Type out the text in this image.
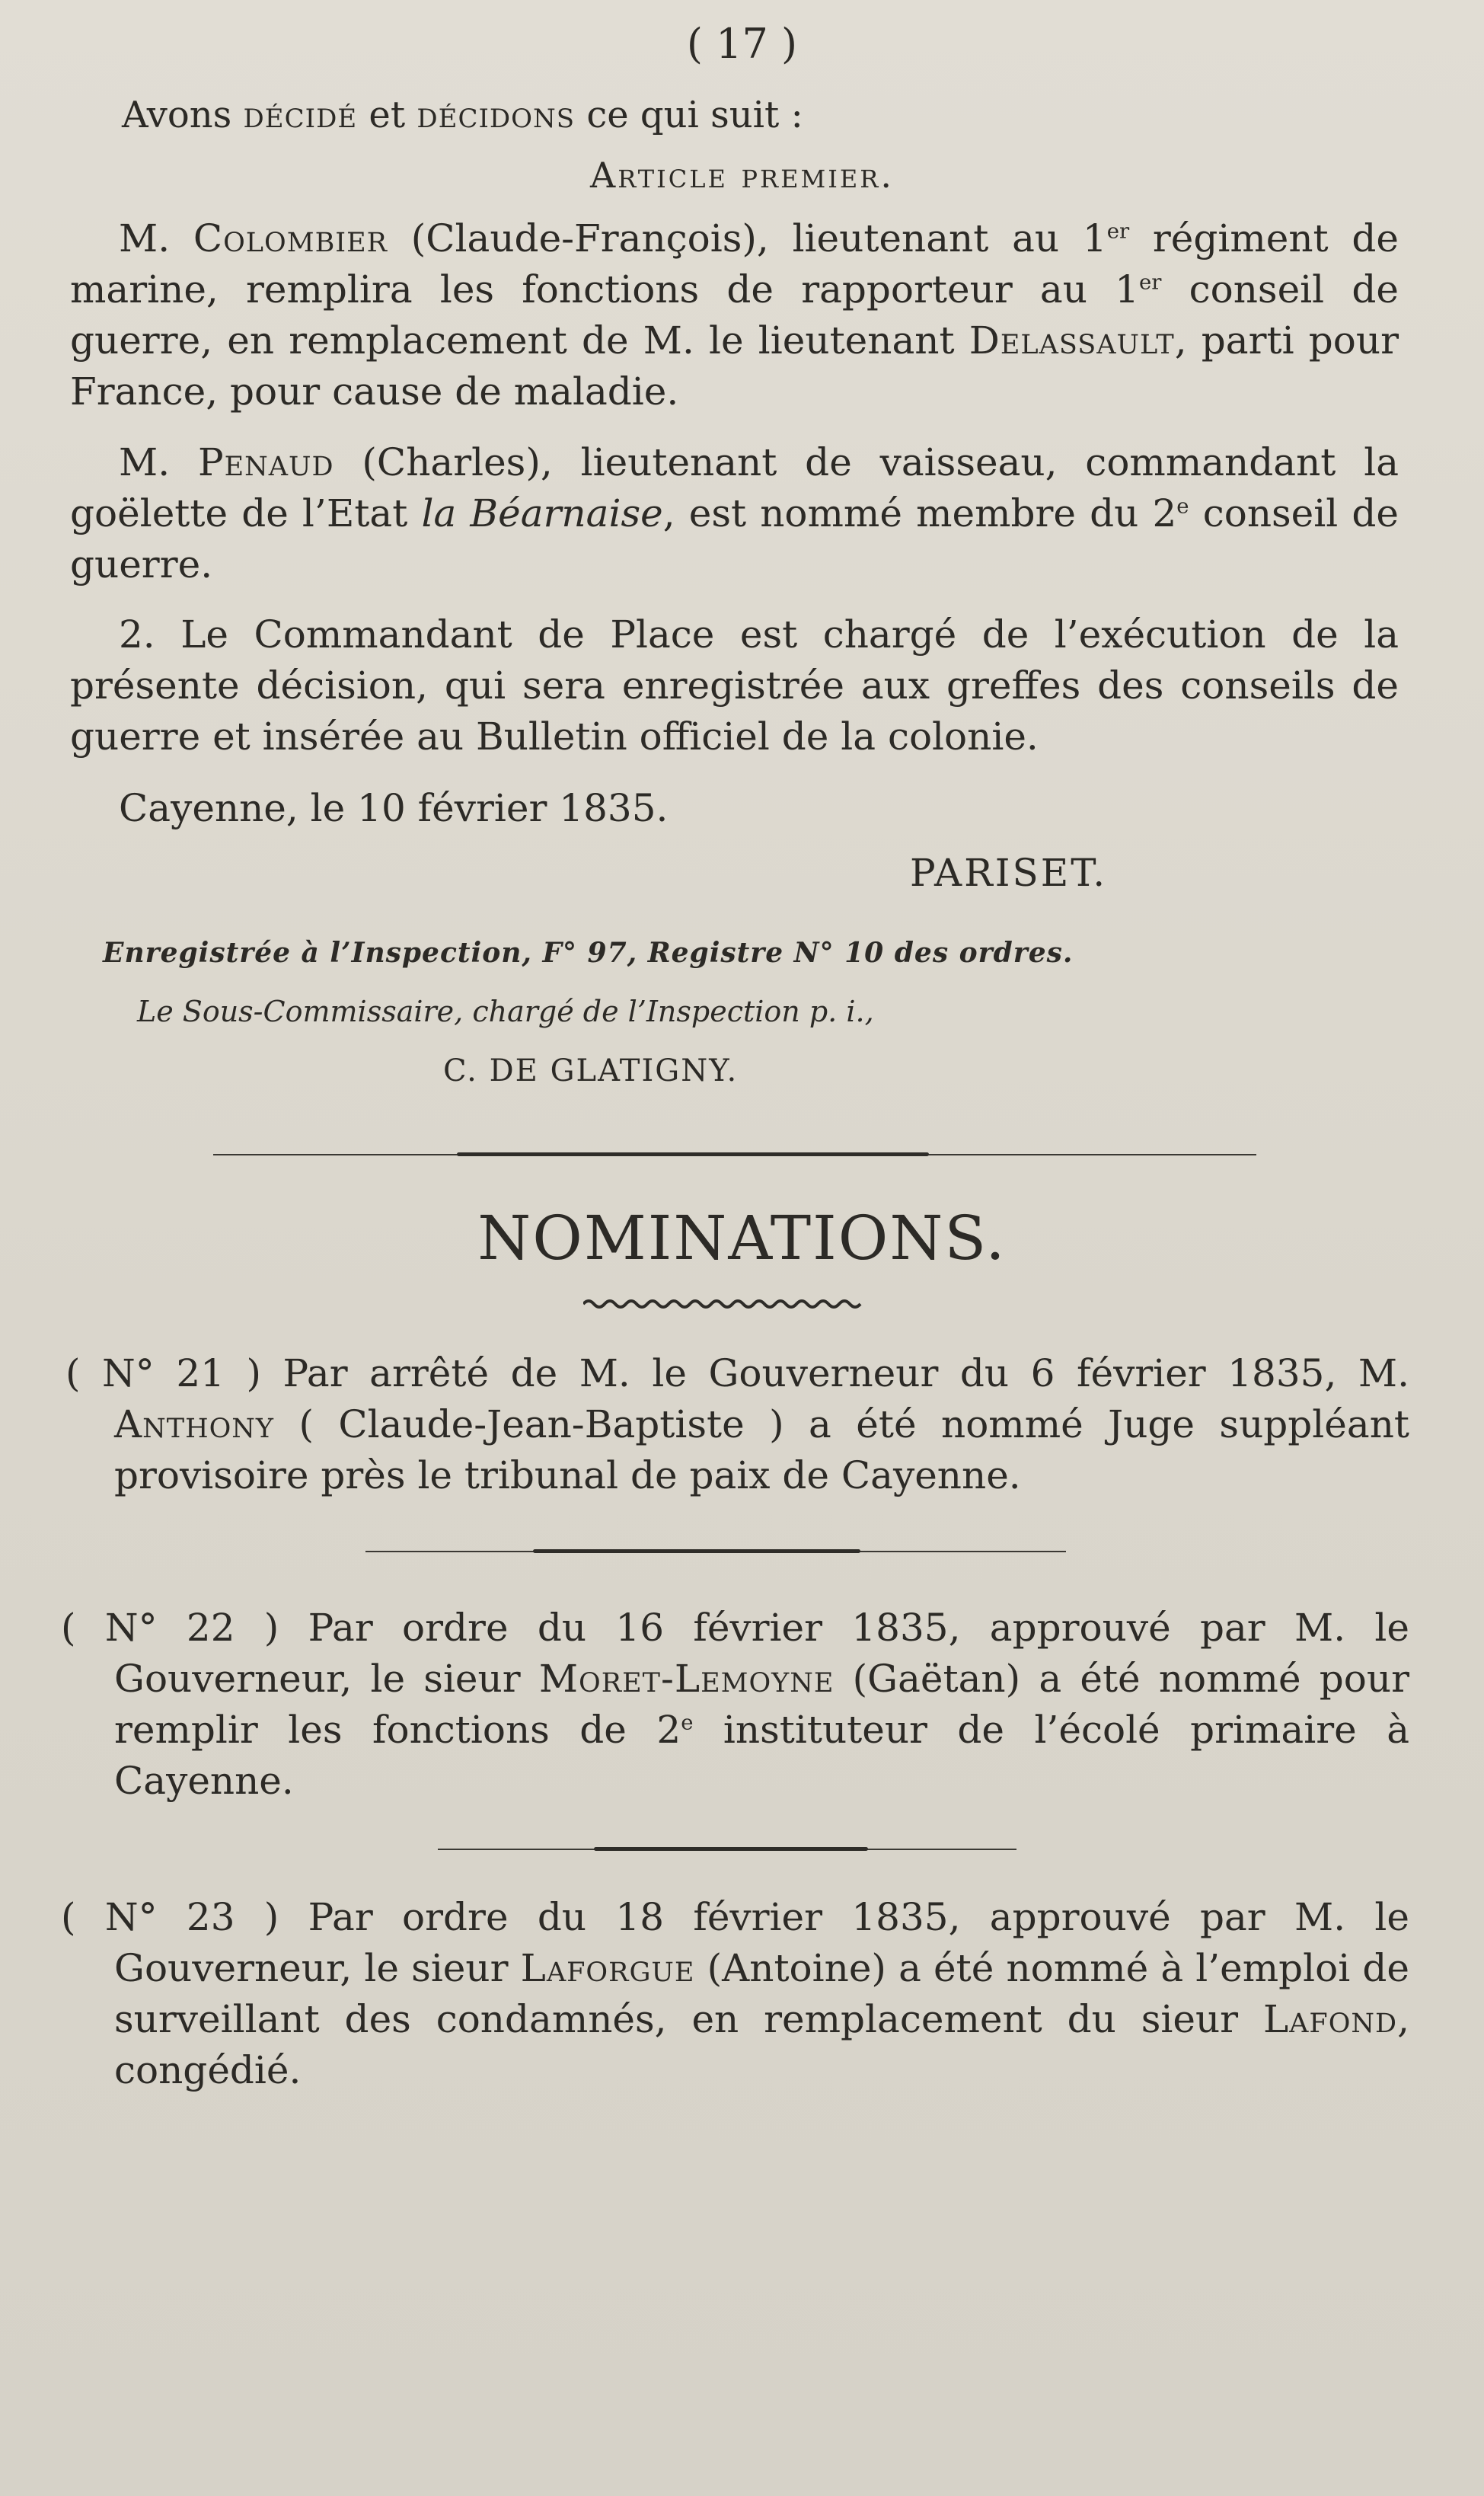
( 17 )

Avons décidé et décidons ce qui suit :

Article premier.

M. Colombier (Claude-François), lieutenant au 1er régiment de marine, remplira les fonctions de rapporteur au 1er conseil de guerre, en remplacement de M. le lieutenant Delassault, parti pour France, pour cause de maladie.

M. Penaud (Charles), lieutenant de vaisseau, commandant la goëlette de l’Etat la Béarnaise, est nommé membre du 2e conseil de guerre.

2. Le Commandant de Place est chargé de l’exécution de la présente décision, qui sera enregistrée aux greffes des conseils de guerre et insérée au Bulletin officiel de la colonie.

Cayenne, le 10 février 1835.
PARISET.
Enregistrée à l’Inspection, F° 97, Registre N° 10 des ordres.
Le Sous-Commissaire, chargé de l’Inspection p. i.,
C. DE GLATIGNY.
NOMINATIONS.

( N° 21 ) Par arrêté de M. le Gouverneur du 6 février 1835, M. Anthony ( Claude-Jean-Baptiste ) a été nommé Juge suppléant provisoire près le tribunal de paix de Cayenne.

( N° 22 ) Par ordre du 16 février 1835, approuvé par M. le Gouverneur, le sieur Moret-Lemoyne (Gaëtan) a été nommé pour remplir les fonctions de 2e instituteur de l’écolé primaire à Cayenne.

( N° 23 ) Par ordre du 18 février 1835, approuvé par M. le Gouverneur, le sieur Laforgue (Antoine) a été nommé à l’emploi de surveillant des condamnés, en remplacement du sieur Lafond, congédié.
